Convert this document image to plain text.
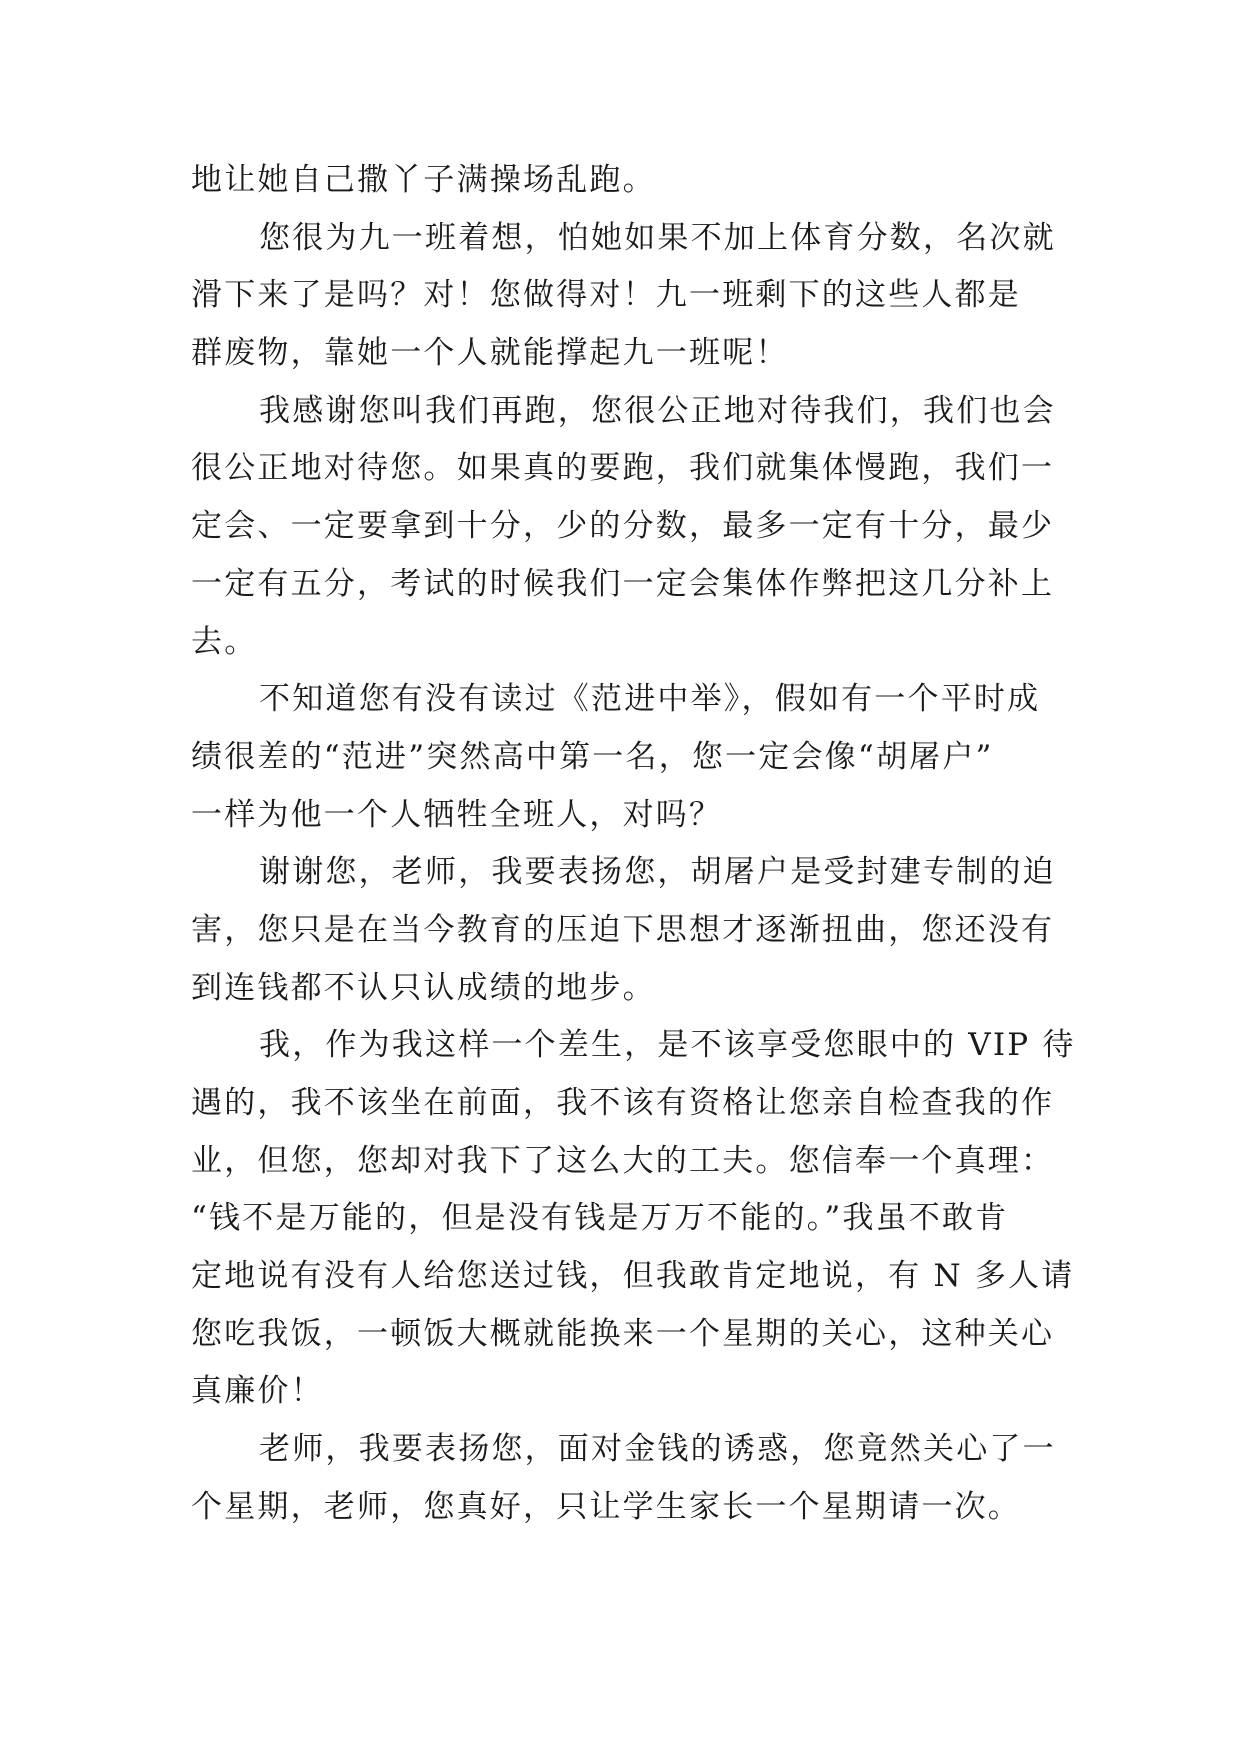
地让她自己撒丫子满操场乱跑。
您很为九一班着想，怕她如果不加上体育分数，名次就
滑下来了是吗？对！您做得对！九一班剩下的这些人都是
群废物，靠她一个人就能撑起九一班呢！
我感谢您叫我们再跑，您很公正地对待我们，我们也会
很公正地对待您。如果真的要跑，我们就集体慢跑，我们一
定会、一定要拿到十分，少的分数，最多一定有十分，最少
一定有五分，考试的时候我们一定会集体作弊把这几分补上
去。
不知道您有没有读过《范进中举》，假如有一个平时成
绩很差的“范进”突然高中第一名，您一定会像“胡屠户”
一样为他一个人牺牲全班人，对吗？
谢谢您，老师，我要表扬您，胡屠户是受封建专制的迫
害，您只是在当今教育的压迫下思想才逐渐扭曲，您还没有
到连钱都不认只认成绩的地步。
我，作为我这样一个差生，是不该享受您眼中的 VIP 待
遇的，我不该坐在前面，我不该有资格让您亲自检查我的作
业，但您，您却对我下了这么大的工夫。您信奉一个真理：
“钱不是万能的，但是没有钱是万万不能的。”我虽不敢肯
定地说有没有人给您送过钱，但我敢肯定地说，有 N 多人请
您吃我饭，一顿饭大概就能换来一个星期的关心，这种关心
真廉价！
老师，我要表扬您，面对金钱的诱惑，您竟然关心了一
个星期，老师，您真好，只让学生家长一个星期请一次。
